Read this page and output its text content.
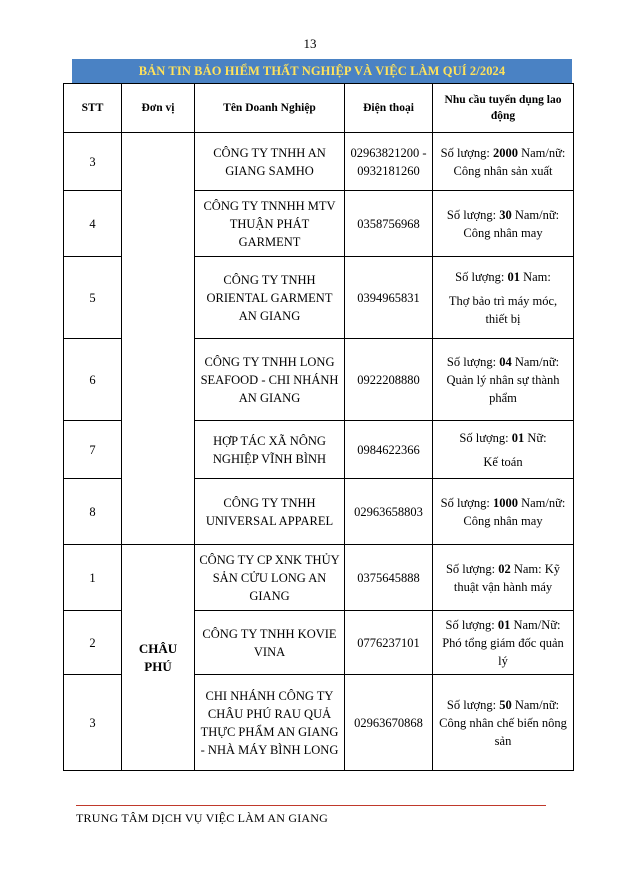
13
BẢN TIN BẢO HIỂM THẤT NGHIỆP VÀ VIỆC LÀM QUÍ 2/2024
STT	Đơn vị	Tên Doanh Nghiệp	Điện thoại	Nhu cầu tuyển dụng lao động
3		CÔNG TY TNHH AN GIANG SAMHO	02963821200 - 0932181260	Số lượng: 2000 Nam/nữ: Công nhân sản xuất
4		CÔNG TY TNNHH MTV THUẬN PHÁT GARMENT	0358756968	Số lượng: 30 Nam/nữ: Công nhân may
5		CÔNG TY TNHH ORIENTAL GARMENT AN GIANG	0394965831	Số lượng: 01 Nam:
Thợ bảo trì máy móc, thiết bị

6		CÔNG TY TNHH LONG SEAFOOD - CHI NHÁNH AN GIANG	0922208880	Số lượng: 04 Nam/nữ: Quản lý nhân sự thành phẩm
7		HỢP TÁC XÃ NÔNG NGHIỆP VĨNH BÌNH	0984622366	Số lượng: 01 Nữ:
Kế toán

8		CÔNG TY TNHH UNIVERSAL APPAREL	02963658803	Số lượng: 1000 Nam/nữ: Công nhân may
1	CHÂU PHÚ	CÔNG TY CP XNK THỦY SẢN CỬU LONG AN GIANG	0375645888	Số lượng: 02 Nam: Kỹ thuật vận hành máy
2		CÔNG TY TNHH KOVIE VINA	0776237101	Số lượng: 01 Nam/Nữ: Phó tổng giám đốc quản lý
3		CHI NHÁNH CÔNG TY CHÂU PHÚ RAU QUẢ THỰC PHẨM AN GIANG - NHÀ MÁY BÌNH LONG	02963670868	Số lượng: 50 Nam/nữ: Công nhân chế biến nông sản
TRUNG TÂM DỊCH VỤ VIỆC LÀM AN GIANG
